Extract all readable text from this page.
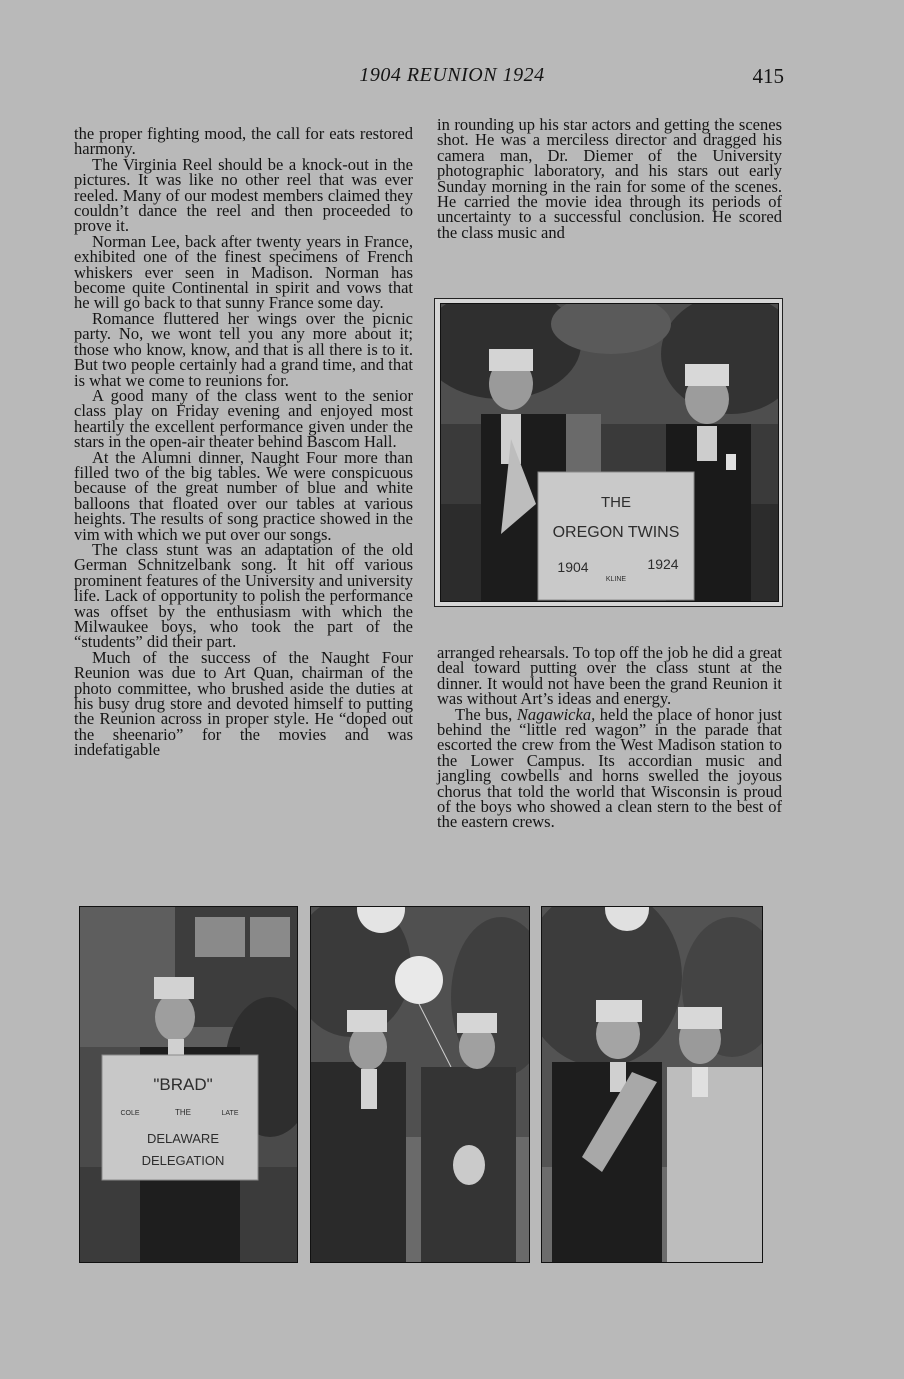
1904 REUNION 1924	415

the proper fighting mood, the call for eats restored harmony.

The Virginia Reel should be a knock-out in the pictures. It was like no other reel that was ever reeled. Many of our modest members claimed they couldn’t dance the reel and then proceeded to prove it.

Norman Lee, back after twenty years in France, exhibited one of the finest specimens of French whiskers ever seen in Madison. Norman has become quite Continental in spirit and vows that he will go back to that sunny France some day.

Romance fluttered her wings over the picnic party. No, we wont tell you any more about it; those who know, know, and that is all there is to it. But two people certainly had a grand time, and that is what we come to reunions for.

A good many of the class went to the senior class play on Friday evening and enjoyed most heartily the excellent performance given under the stars in the open-air theater behind Bascom Hall.

At the Alumni dinner, Naught Four more than filled two of the big tables. We were conspicuous because of the great number of blue and white balloons that floated over our tables at various heights. The results of song practice showed in the vim with which we put over our songs.

The class stunt was an adaptation of the old German Schnitzelbank song. It hit off various prominent features of the University and university life. Lack of opportunity to polish the performance was offset by the enthusiasm with which the Milwaukee boys, who took the part of the “students” did their part.

Much of the success of the Naught Four Reunion was due to Art Quan, chairman of the photo committee, who brushed aside the duties at his busy drug store and devoted himself to putting the Reunion across in proper style. He “doped out the sheenario” for the movies and was indefatigable

in rounding up his star actors and getting the scenes shot. He was a merciless director and dragged his camera man, Dr. Diemer of the University photographic laboratory, and his stars out early Sunday morning in the rain for some of the scenes. He carried the movie idea through its periods of uncertainty to a successful conclusion. He scored the class music and

THE
OREGON TWINS
1904	1924
KLINE

arranged rehearsals. To top off the job he did a great deal toward putting over the class stunt at the dinner. It would not have been the grand Reunion it was without Art’s ideas and energy.

The bus, Nagawicka, held the place of honor just behind the “little red wagon” in the parade that escorted the crew from the West Madison station to the Lower Campus. Its accordian music and jangling cowbells and horns swelled the joyous chorus that told the world that Wisconsin is proud of the boys who showed a clean stern to the best of the eastern crews.

"BRAD"
COLE	THE	LATE
DELAWARE
DELEGATION
